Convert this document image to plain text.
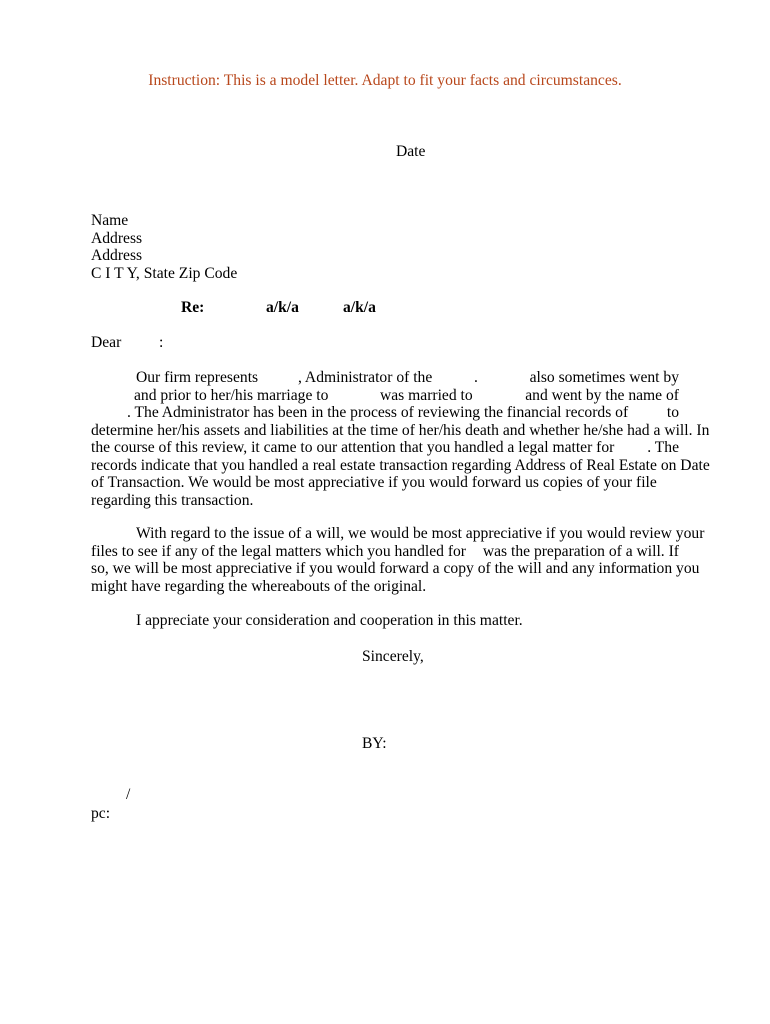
Instruction: This is a model letter. Adapt to fit your facts and circumstances.
Date
Name
Address
Address
C I T Y, State Zip Code
Re:	a/k/a	a/k/a
Dear :
Our firm represents	, Administrator of the	.	also sometimes went by
and prior to her/his marriage to	was married to	and went by the name of
. The Administrator has been in the process of reviewing the financial records of to
determine her/his assets and liabilities at the time of her/his death and whether he/she had a will. In
the course of this review, it came to our attention that you handled a legal matter for . The
records indicate that you handled a real estate transaction regarding Address of Real Estate on Date
of Transaction. We would be most appreciative if you would forward us copies of your file
regarding this transaction.
With regard to the issue of a will, we would be most appreciative if you would review your
files to see if any of the legal matters which you handled for was the preparation of a will. If
so, we will be most appreciative if you would forward a copy of the will and any information you
might have regarding the whereabouts of the original.
I appreciate your consideration and cooperation in this matter.
Sincerely,
BY:
/
pc:
